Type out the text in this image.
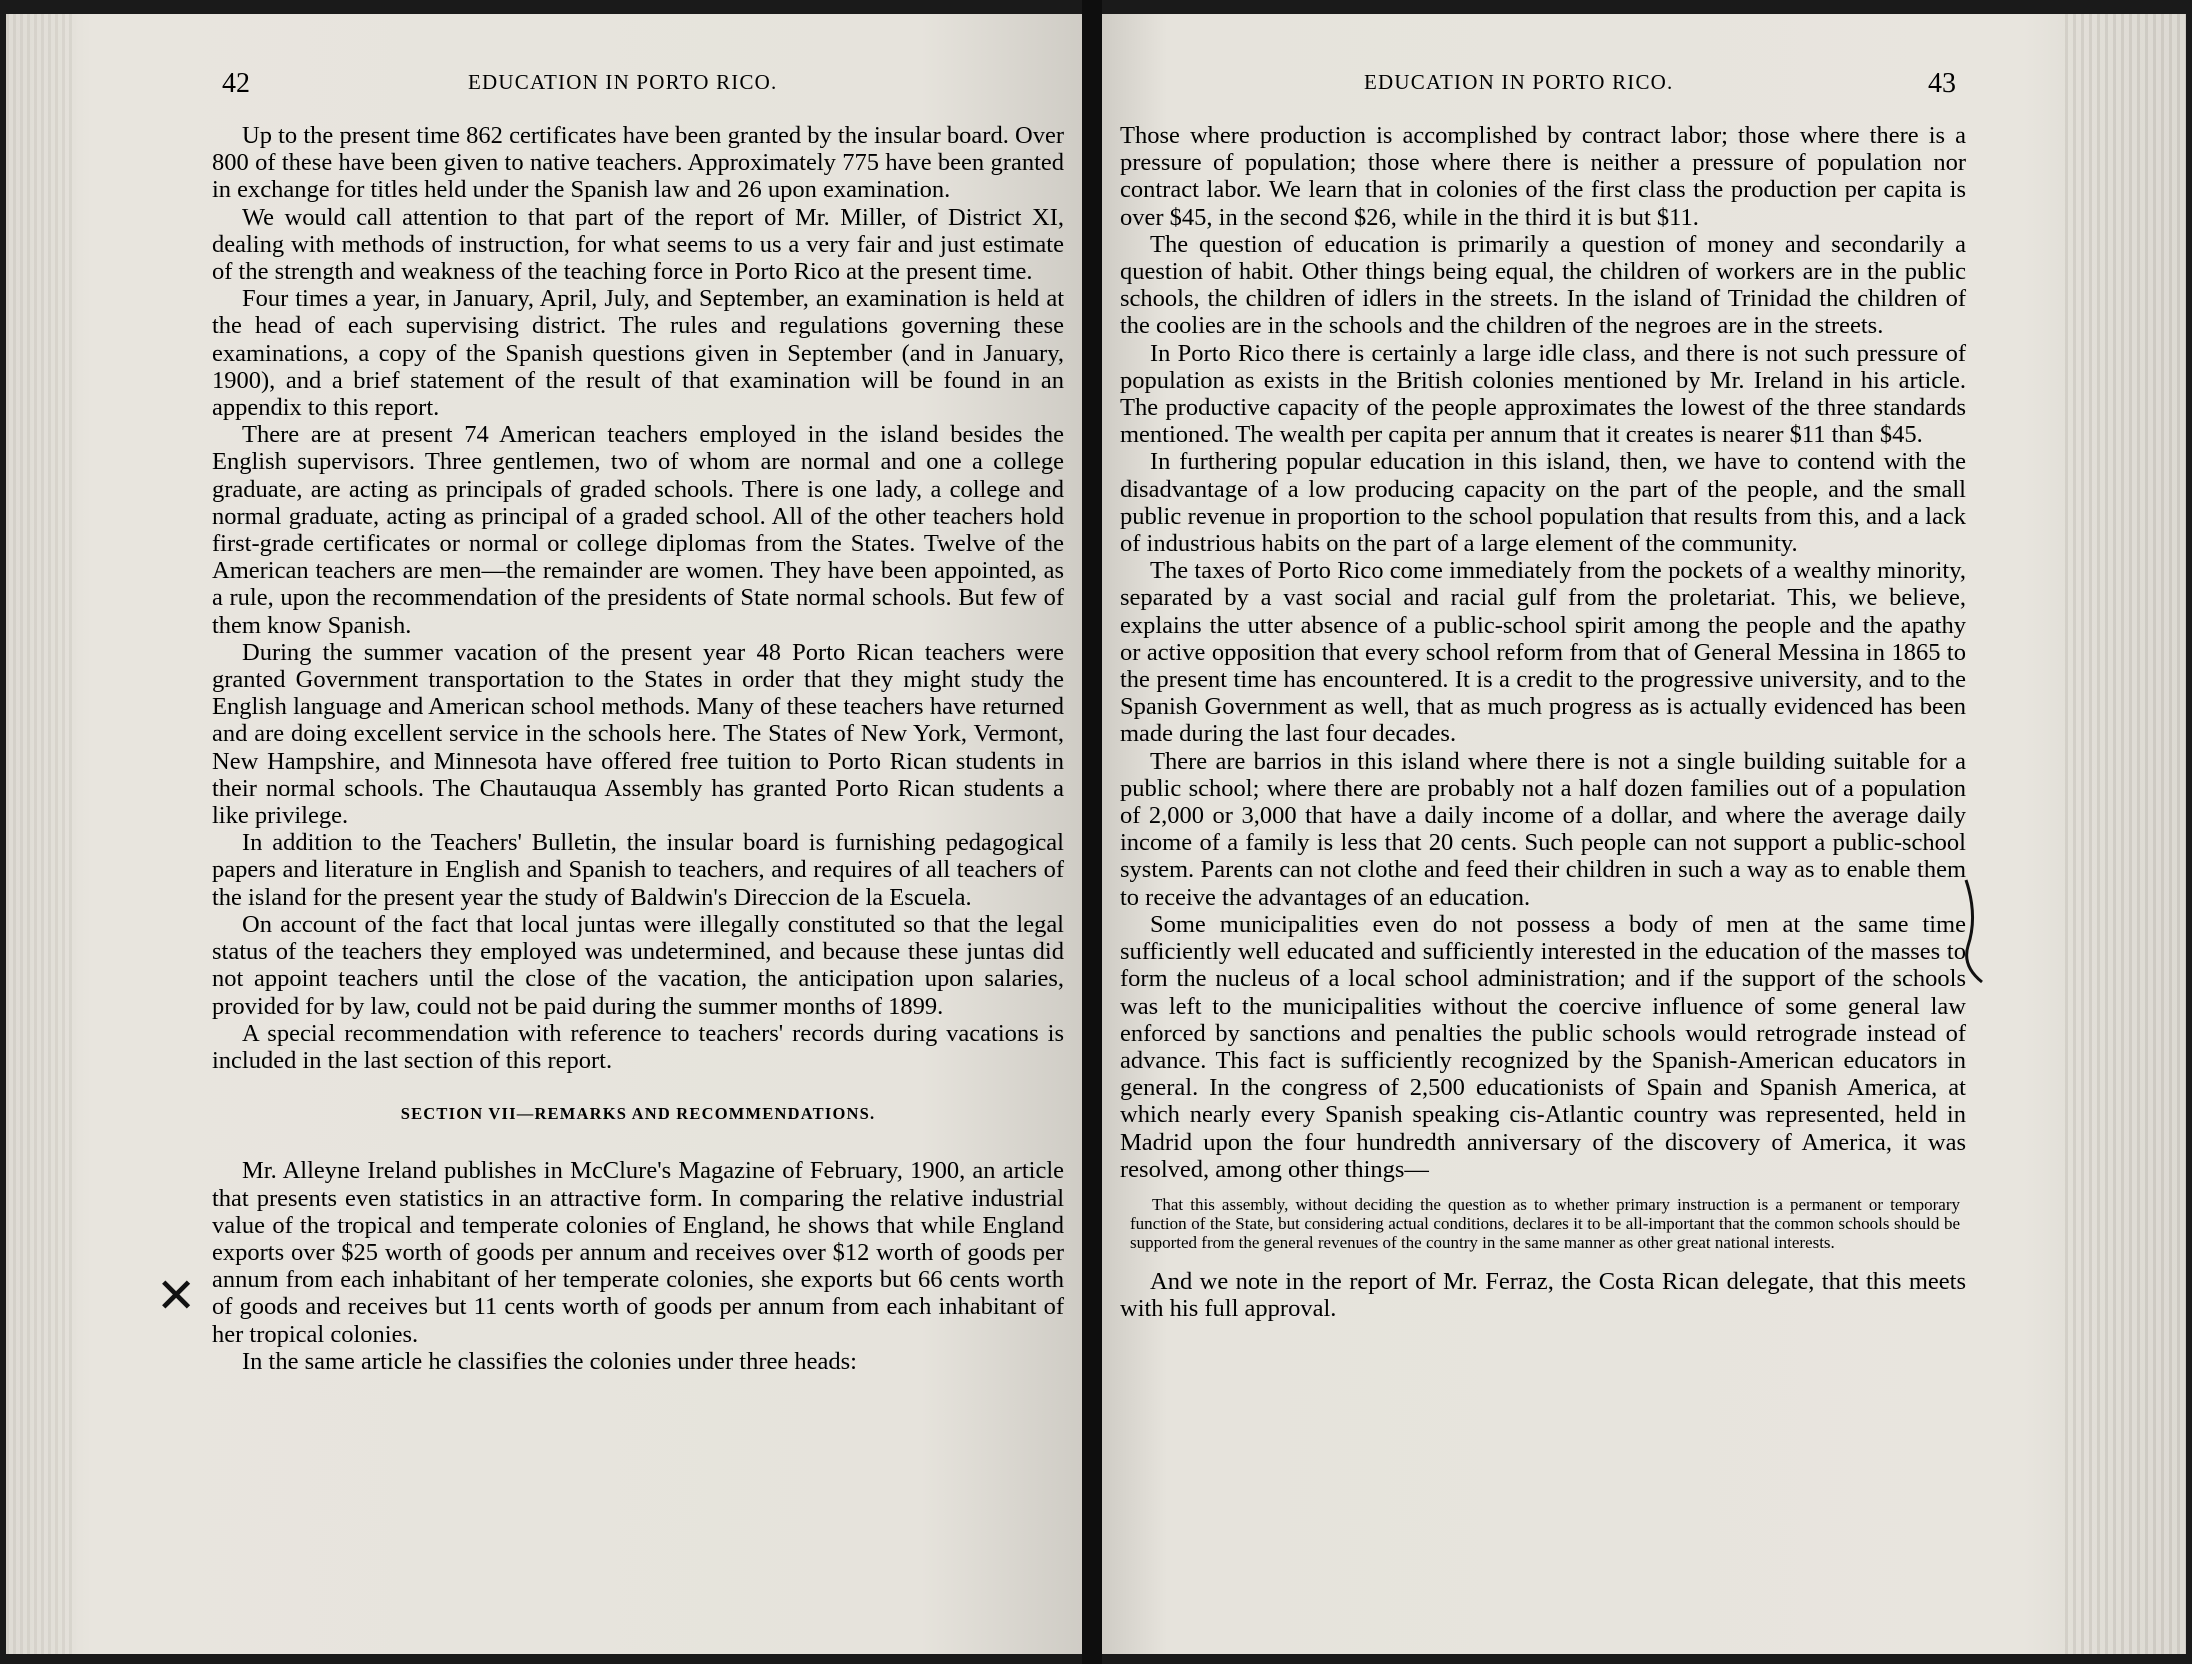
42	EDUCATION IN PORTO RICO.

Up to the present time 862 certificates have been granted by the insular board. Over 800 of these have been given to native teachers. Approximately 775 have been granted in exchange for titles held under the Spanish law and 26 upon examination.

We would call attention to that part of the report of Mr. Miller, of District XI, dealing with methods of instruction, for what seems to us a very fair and just estimate of the strength and weakness of the teaching force in Porto Rico at the present time.

Four times a year, in January, April, July, and September, an examination is held at the head of each supervising district. The rules and regulations governing these examinations, a copy of the Spanish questions given in September (and in January, 1900), and a brief statement of the result of that examination will be found in an appendix to this report.

There are at present 74 American teachers employed in the island besides the English supervisors. Three gentlemen, two of whom are normal and one a college graduate, are acting as principals of graded schools. There is one lady, a college and normal graduate, acting as principal of a graded school. All of the other teachers hold first-grade certificates or normal or college diplomas from the States. Twelve of the American teachers are men—the remainder are women. They have been appointed, as a rule, upon the recommendation of the presidents of State normal schools. But few of them know Spanish.

During the summer vacation of the present year 48 Porto Rican teachers were granted Government transportation to the States in order that they might study the English language and American school methods. Many of these teachers have returned and are doing excellent service in the schools here. The States of New York, Vermont, New Hampshire, and Minnesota have offered free tuition to Porto Rican students in their normal schools. The Chautauqua Assembly has granted Porto Rican students a like privilege.

In addition to the Teachers' Bulletin, the insular board is furnishing pedagogical papers and literature in English and Spanish to teachers, and requires of all teachers of the island for the present year the study of Baldwin's Direccion de la Escuela.

On account of the fact that local juntas were illegally constituted so that the legal status of the teachers they employed was undetermined, and because these juntas did not appoint teachers until the close of the vacation, the anticipation upon salaries, provided for by law, could not be paid during the summer months of 1899.

A special recommendation with reference to teachers' records during vacations is included in the last section of this report.

SECTION VII—REMARKS AND RECOMMENDATIONS.

Mr. Alleyne Ireland publishes in McClure's Magazine of February, 1900, an article that presents even statistics in an attractive form. In comparing the relative industrial value of the tropical and temperate colonies of England, he shows that while England exports over $25 worth of goods per annum and receives over $12 worth of goods per annum from each inhabitant of her temperate colonies, she exports but 66 cents worth of goods and receives but 11 cents worth of goods per annum from each inhabitant of her tropical colonies.

In the same article he classifies the colonies under three heads:

✕
EDUCATION IN PORTO RICO.	43

Those where production is accomplished by contract labor; those where there is a pressure of population; those where there is neither a pressure of population nor contract labor. We learn that in colonies of the first class the production per capita is over $45, in the second $26, while in the third it is but $11.

The question of education is primarily a question of money and secondarily a question of habit. Other things being equal, the children of workers are in the public schools, the children of idlers in the streets. In the island of Trinidad the children of the coolies are in the schools and the children of the negroes are in the streets.

In Porto Rico there is certainly a large idle class, and there is not such pressure of population as exists in the British colonies mentioned by Mr. Ireland in his article. The productive capacity of the people approximates the lowest of the three standards mentioned. The wealth per capita per annum that it creates is nearer $11 than $45.

In furthering popular education in this island, then, we have to contend with the disadvantage of a low producing capacity on the part of the people, and the small public revenue in proportion to the school population that results from this, and a lack of industrious habits on the part of a large element of the community.

The taxes of Porto Rico come immediately from the pockets of a wealthy minority, separated by a vast social and racial gulf from the proletariat. This, we believe, explains the utter absence of a public-school spirit among the people and the apathy or active opposition that every school reform from that of General Messina in 1865 to the present time has encountered. It is a credit to the progressive university, and to the Spanish Government as well, that as much progress as is actually evidenced has been made during the last four decades.

There are barrios in this island where there is not a single building suitable for a public school; where there are probably not a half dozen families out of a population of 2,000 or 3,000 that have a daily income of a dollar, and where the average daily income of a family is less that 20 cents. Such people can not support a public-school system. Parents can not clothe and feed their children in such a way as to enable them to receive the advantages of an education.

Some municipalities even do not possess a body of men at the same time sufficiently well educated and sufficiently interested in the education of the masses to form the nucleus of a local school administration; and if the support of the schools was left to the municipalities without the coercive influence of some general law enforced by sanctions and penalties the public schools would retrograde instead of advance. This fact is sufficiently recognized by the Spanish-American educators in general. In the congress of 2,500 educationists of Spain and Spanish America, at which nearly every Spanish speaking cis-Atlantic country was represented, held in Madrid upon the four hundredth anniversary of the discovery of America, it was resolved, among other things—

That this assembly, without deciding the question as to whether primary instruction is a permanent or temporary function of the State, but considering actual conditions, declares it to be all-important that the common schools should be supported from the general revenues of the country in the same manner as other great national interests.

And we note in the report of Mr. Ferraz, the Costa Rican delegate, that this meets with his full approval.
